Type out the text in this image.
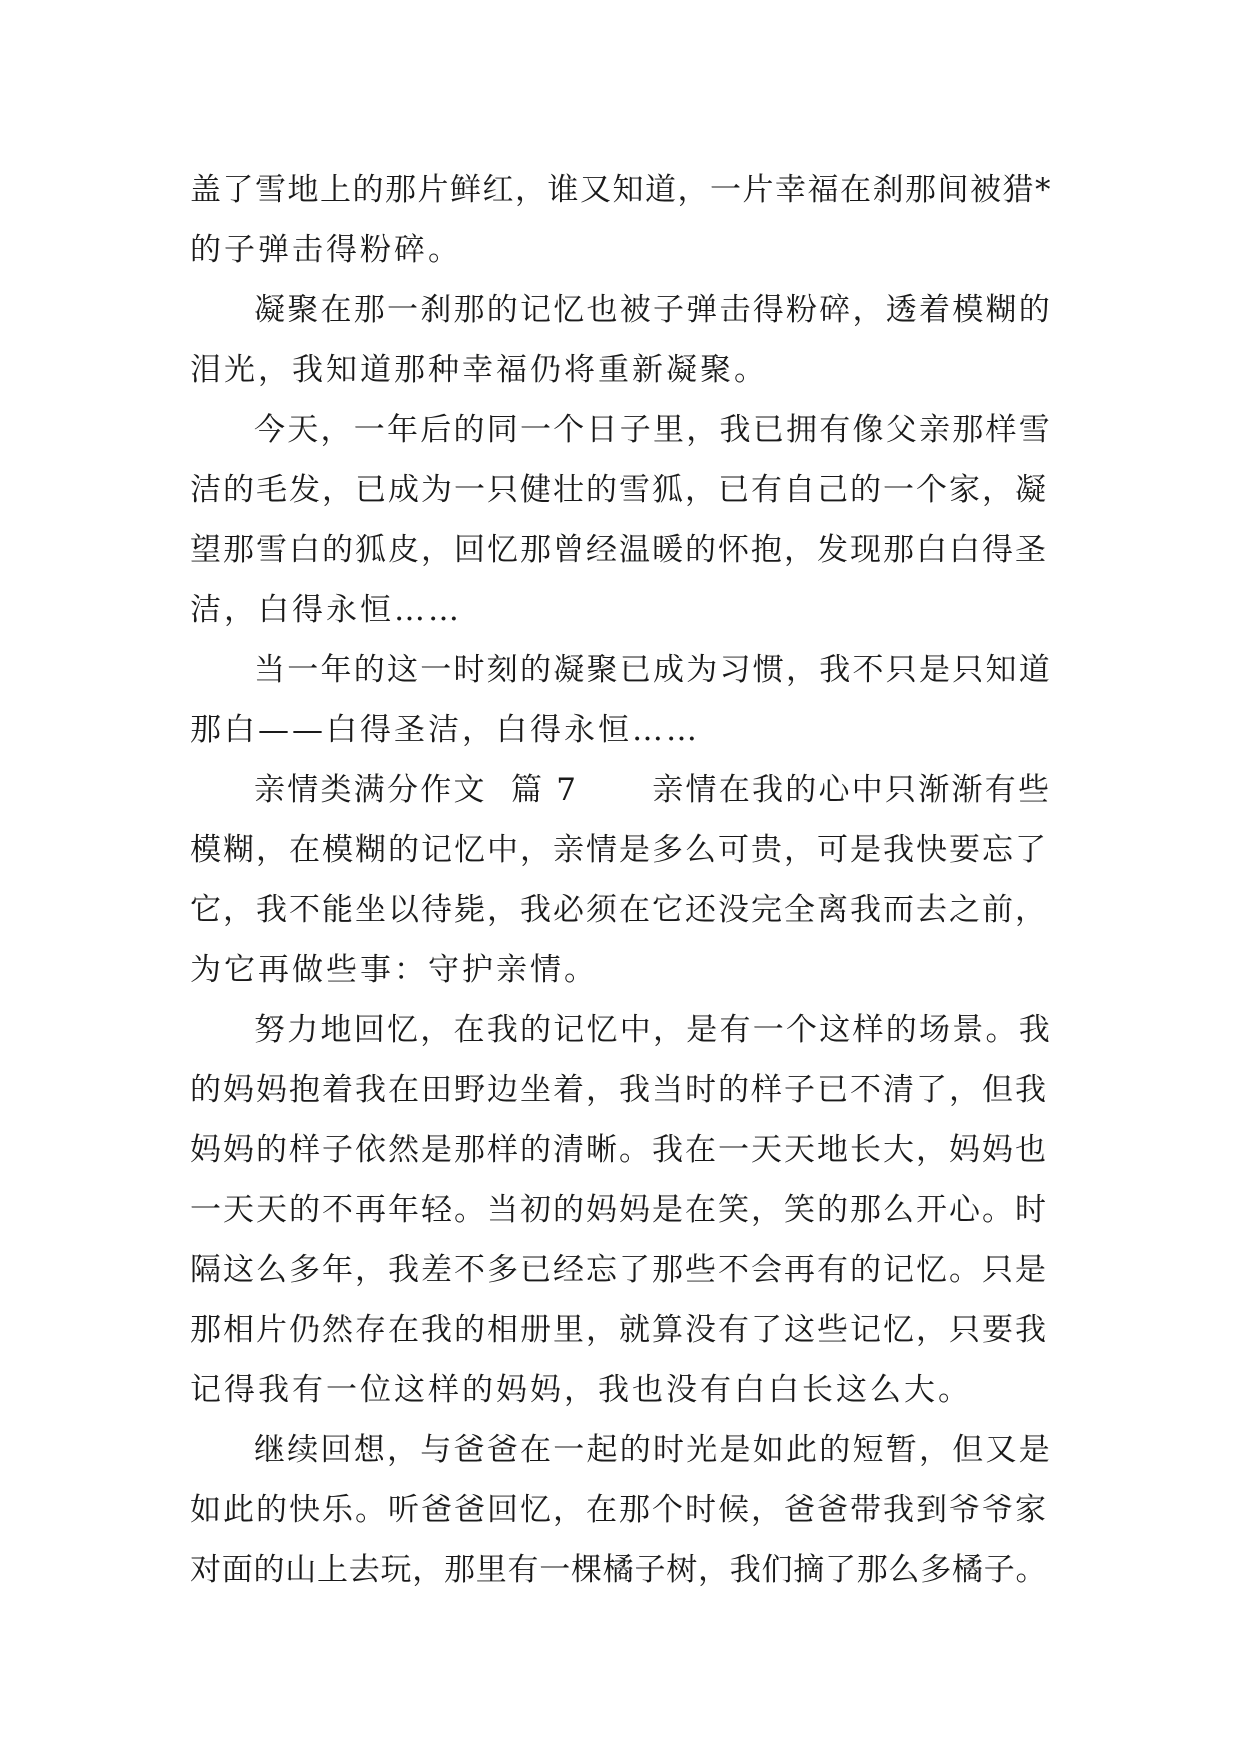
盖了雪地上的那片鲜红，谁又知道，一片幸福在刹那间被猎*
的子弹击得粉碎。
凝聚在那一刹那的记忆也被子弹击得粉碎，透着模糊的
泪光，我知道那种幸福仍将重新凝聚。
今天，一年后的同一个日子里，我已拥有像父亲那样雪
洁的毛发，已成为一只健壮的雪狐，已有自己的一个家，凝
望那雪白的狐皮，回忆那曾经温暖的怀抱，发现那白白得圣
洁，白得永恒……
当一年的这一时刻的凝聚已成为习惯，我不只是只知道
那白——白得圣洁，白得永恒……
亲情类满分作文  篇 7 亲情在我的心中只渐渐有些
模糊，在模糊的记忆中，亲情是多么可贵，可是我快要忘了
它，我不能坐以待毙，我必须在它还没完全离我而去之前，
为它再做些事：守护亲情。
努力地回忆，在我的记忆中，是有一个这样的场景。我
的妈妈抱着我在田野边坐着，我当时的样子已不清了，但我
妈妈的样子依然是那样的清晰。我在一天天地长大，妈妈也
一天天的不再年轻。当初的妈妈是在笑，笑的那么开心。时
隔这么多年，我差不多已经忘了那些不会再有的记忆。只是
那相片仍然存在我的相册里，就算没有了这些记忆，只要我
记得我有一位这样的妈妈，我也没有白白长这么大。
继续回想，与爸爸在一起的时光是如此的短暂，但又是
如此的快乐。听爸爸回忆，在那个时候，爸爸带我到爷爷家
对面的山上去玩，那里有一棵橘子树，我们摘了那么多橘子。
